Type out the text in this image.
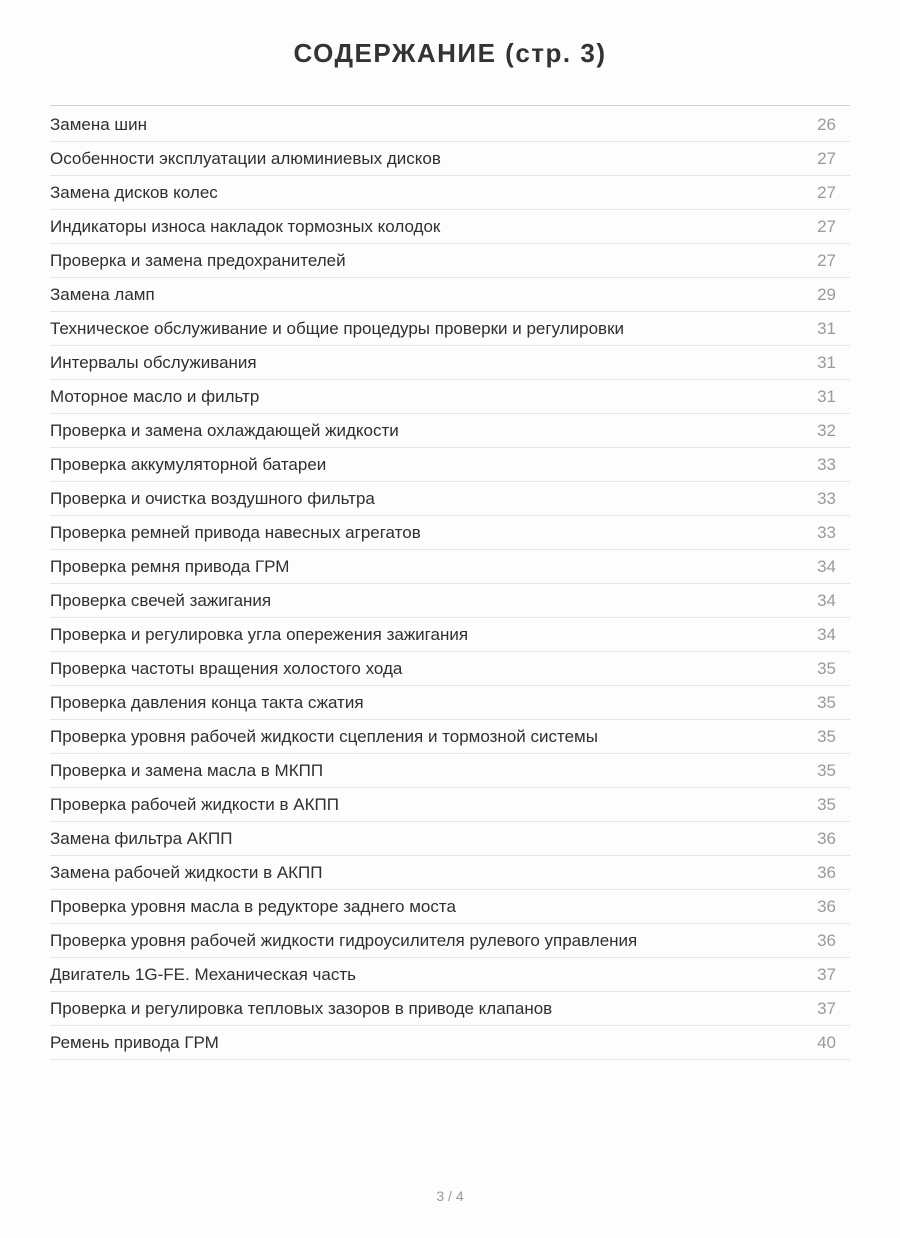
СОДЕРЖАНИЕ (стр. 3)
Замена шин	26
Особенности эксплуатации алюминиевых дисков	27
Замена дисков колес	27
Индикаторы износа накладок тормозных колодок	27
Проверка и замена предохранителей	27
Замена ламп	29
Техническое обслуживание и общие процедуры проверки и регулировки	31
Интервалы обслуживания	31
Моторное масло и фильтр	31
Проверка и замена охлаждающей жидкости	32
Проверка аккумуляторной батареи	33
Проверка и очистка воздушного фильтра	33
Проверка ремней привода навесных агрегатов	33
Проверка ремня привода ГРМ	34
Проверка свечей зажигания	34
Проверка и регулировка угла опережения зажигания	34
Проверка частоты вращения холостого хода	35
Проверка давления конца такта сжатия	35
Проверка уровня рабочей жидкости сцепления и тормозной системы	35
Проверка и замена масла в МКПП	35
Проверка рабочей жидкости в АКПП	35
Замена фильтра АКПП	36
Замена рабочей жидкости в АКПП	36
Проверка уровня масла в редукторе заднего моста	36
Проверка уровня рабочей жидкости гидроусилителя рулевого управления	36
Двигатель 1G-FE. Механическая часть	37
Проверка и регулировка тепловых зазоров в приводе клапанов	37
Ремень привода ГРМ	40
3 / 4
